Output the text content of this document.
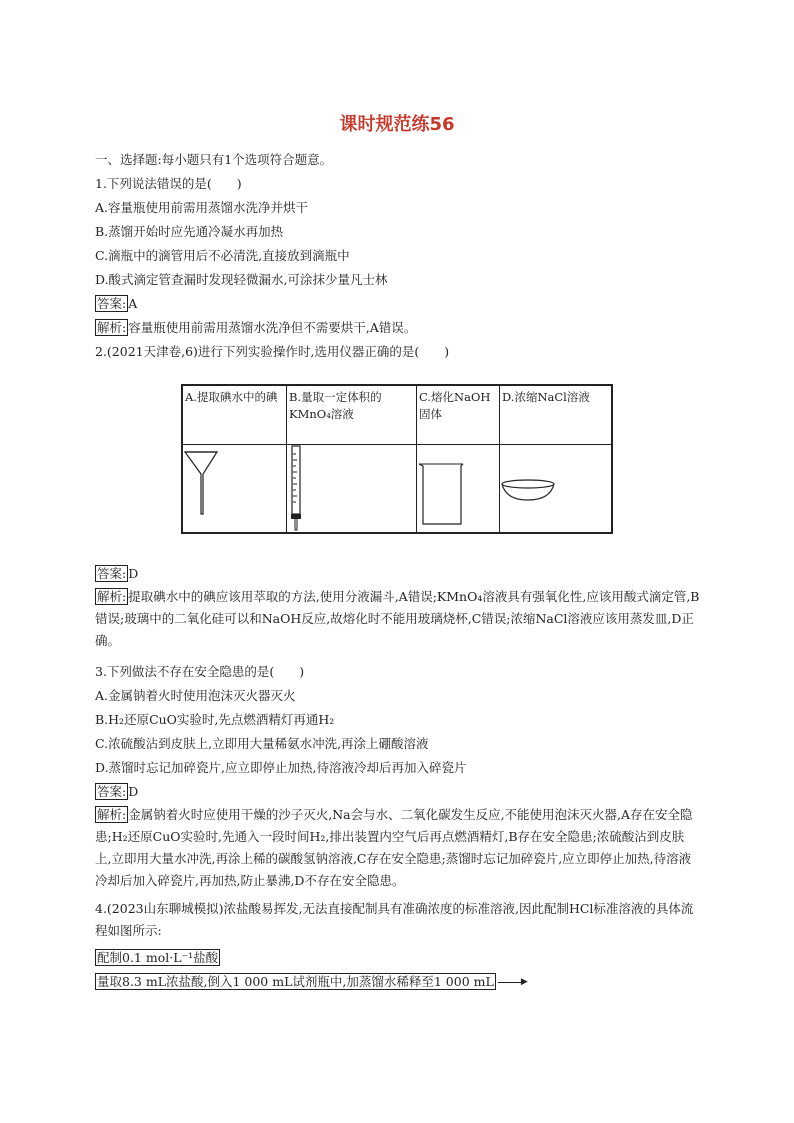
课时规范练56
一、选择题:每小题只有1个选项符合题意。
1.下列说法错误的是(　　)
A.容量瓶使用前需用蒸馏水洗净并烘干
B.蒸馏开始时应先通冷凝水再加热
C.滴瓶中的滴管用后不必清洗,直接放到滴瓶中
D.酸式滴定管查漏时发现轻微漏水,可涂抹少量凡士林
答案: A
解析: 容量瓶使用前需用蒸馏水洗净但不需要烘干,A错误。
2.(2021天津卷,6)进行下列实验操作时,选用仪器正确的是(　　)
A.提取碘水中的碘	B.量取一定体积的KMnO₄溶液
C.熔化NaOH固体
D.浓缩NaCl溶液
答案: D
解析: 提取碘水中的碘应该用萃取的方法,使用分液漏斗,A错误;KMnO₄溶液具有强氧化性,应该用酸式滴定管,B错误;玻璃中的二氧化硅可以和NaOH反应,故熔化时不能用玻璃烧杯,C错误;浓缩NaCl溶液应该用蒸发皿,D正确。
3.下列做法不存在安全隐患的是(　　)
A.金属钠着火时使用泡沫灭火器灭火
B.H₂还原CuO实验时,先点燃酒精灯再通H₂
C.浓硫酸沾到皮肤上,立即用大量稀氨水冲洗,再涂上硼酸溶液
D.蒸馏时忘记加碎瓷片,应立即停止加热,待溶液冷却后再加入碎瓷片
答案: D
解析: 金属钠着火时应使用干燥的沙子灭火,Na会与水、二氧化碳发生反应,不能使用泡沫灭火器,A存在安全隐患;H₂还原CuO实验时,先通入一段时间H₂,排出装置内空气后再点燃酒精灯,B存在安全隐患;浓硫酸沾到皮肤上,立即用大量水冲洗,再涂上稀的碳酸氢钠溶液,C存在安全隐患;蒸馏时忘记加碎瓷片,应立即停止加热,待溶液冷却后加入碎瓷片,再加热,防止暴沸,D不存在安全隐患。
4.(2023山东聊城模拟)浓盐酸易挥发,无法直接配制具有准确浓度的标准溶液,因此配制HCl标准溶液的具体流程如图所示:
配制0.1 mol·L⁻¹盐酸
量取8.3 mL浓盐酸,倒入1 000 mL试剂瓶中,加蒸馏水稀释至1 000 mL	▶
